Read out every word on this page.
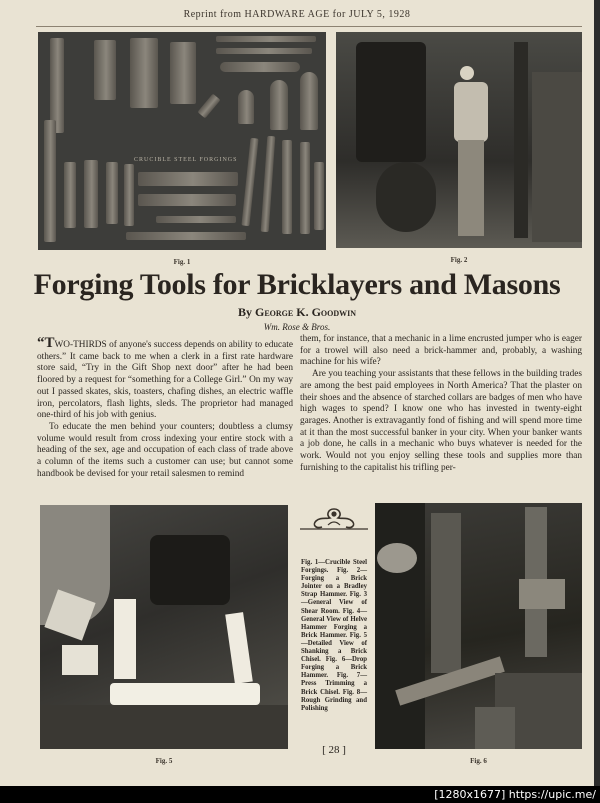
Reprint from HARDWARE AGE for JULY 5, 1928
CRUCIBLE STEEL FORGINGS
Fig. 1	Fig. 2
Forging Tools for Bricklayers and Masons
By George K. Goodwin
Wm. Rose & Bros.

“TWO-THIRDS of anyone's success depends on ability to educate others.” It came back to me when a clerk in a first rate hardware store said, “Try in the Gift Shop next door” after he had been floored by a request for “something for a College Girl.” On my way out I passed skates, skis, toasters, chafing dishes, an electric waffle iron, percolators, flash lights, sleds. The proprietor had managed one-third of his job with genius.

To educate the men behind your counters; doubtless a clumsy volume would result from cross indexing your entire stock with a heading of the sex, age and occupation of each class of trade above a column of the items such a customer can use; but cannot some handbook be devised for your retail salesmen to remind

them, for instance, that a mechanic in a lime encrusted jumper who is eager for a trowel will also need a brick-hammer and, probably, a washing machine for his wife?

Are you teaching your assistants that these fellows in the building trades are among the best paid employees in North America? That the plaster on their shoes and the absence of starched collars are badges of men who have high wages to spend? I know one who has invested in twenty-eight garages. Another is extravagantly fond of fishing and will spend more time at it than the most successful banker in your city. When your banker wants a job done, he calls in a mechanic who buys whatever is needed for the work. Would not you enjoy selling these tools and supplies more than furnishing to the capitalist his trifling per-

Fig. 5
Fig. 1—Crucible Steel Forgings. Fig. 2—Forging a Brick Jointer on a Bradley Strap Hammer. Fig. 3—General View of Shear Room. Fig. 4—General View of Helve Hammer Forging a Brick Hammer. Fig. 5—Detailed View of Shanking a Brick Chisel. Fig. 6—Drop Forging a Brick Hammer. Fig. 7—Press Trimming a Brick Chisel. Fig. 8—Rough Grinding and Polishing
Fig. 6
[ 28 ]
[1280x1677] https://upic.me/
